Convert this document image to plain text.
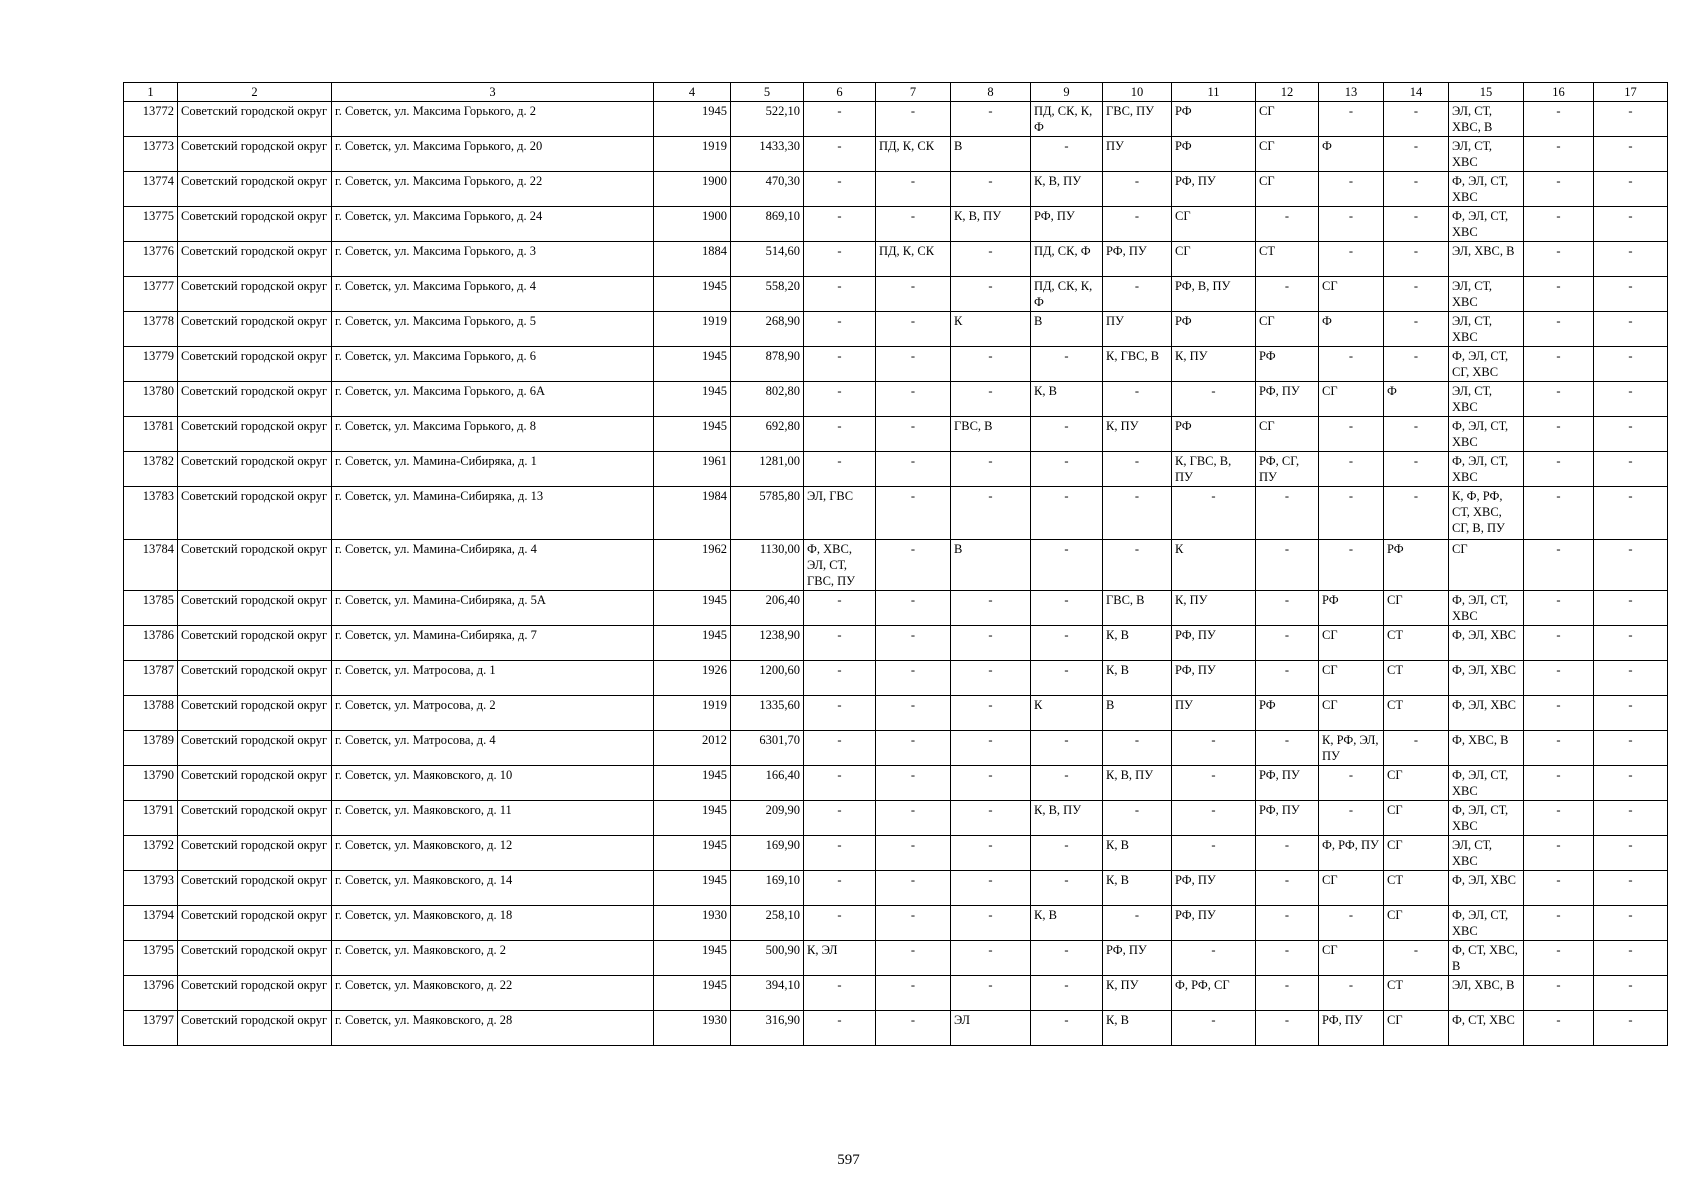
1	2	3	4	5	6	7	8	9	10	11	12	13	14	15	16	17
13772	Советский городской округ	г. Советск, ул. Максима Горького, д. 2	1945	522,10	-	-	-	ПД, СК, К, Ф	ГВС, ПУ	РФ	СГ	-	-	ЭЛ, СТ, ХВС, В	-	-
13773	Советский городской округ	г. Советск, ул. Максима Горького, д. 20	1919	1433,30	-	ПД, К, СК	В	-	ПУ	РФ	СГ	Ф	-	ЭЛ, СТ, ХВС	-	-
13774	Советский городской округ	г. Советск, ул. Максима Горького, д. 22	1900	470,30	-	-	-	К, В, ПУ	-	РФ, ПУ	СГ	-	-	Ф, ЭЛ, СТ, ХВС	-	-
13775	Советский городской округ	г. Советск, ул. Максима Горького, д. 24	1900	869,10	-	-	К, В, ПУ	РФ, ПУ	-	СГ	-	-	-	Ф, ЭЛ, СТ, ХВС	-	-
13776	Советский городской округ	г. Советск, ул. Максима Горького, д. 3	1884	514,60	-	ПД, К, СК	-	ПД, СК, Ф	РФ, ПУ	СГ	СТ	-	-	ЭЛ, ХВС, В	-	-
13777	Советский городской округ	г. Советск, ул. Максима Горького, д. 4	1945	558,20	-	-	-	ПД, СК, К, Ф	-	РФ, В, ПУ	-	СГ	-	ЭЛ, СТ, ХВС	-	-
13778	Советский городской округ	г. Советск, ул. Максима Горького, д. 5	1919	268,90	-	-	К	В	ПУ	РФ	СГ	Ф	-	ЭЛ, СТ, ХВС	-	-
13779	Советский городской округ	г. Советск, ул. Максима Горького, д. 6	1945	878,90	-	-	-	-	К, ГВС, В	К, ПУ	РФ	-	-	Ф, ЭЛ, СТ, СГ, ХВС	-	-
13780	Советский городской округ	г. Советск, ул. Максима Горького, д. 6А	1945	802,80	-	-	-	К, В	-	-	РФ, ПУ	СГ	Ф	ЭЛ, СТ, ХВС	-	-
13781	Советский городской округ	г. Советск, ул. Максима Горького, д. 8	1945	692,80	-	-	ГВС, В	-	К, ПУ	РФ	СГ	-	-	Ф, ЭЛ, СТ, ХВС	-	-
13782	Советский городской округ	г. Советск, ул. Мамина-Сибиряка, д. 1	1961	1281,00	-	-	-	-	-	К, ГВС, В, ПУ	РФ, СГ, ПУ	-	-	Ф, ЭЛ, СТ, ХВС	-	-
13783	Советский городской округ	г. Советск, ул. Мамина-Сибиряка, д. 13	1984	5785,80	ЭЛ, ГВС	-	-	-	-	-	-	-	-	К, Ф, РФ, СТ, ХВС, СГ, В, ПУ	-	-
13784	Советский городской округ	г. Советск, ул. Мамина-Сибиряка, д. 4	1962	1130,00	Ф, ХВС, ЭЛ, СТ, ГВС, ПУ	-	В	-	-	К	-	-	РФ	СГ	-	-
13785	Советский городской округ	г. Советск, ул. Мамина-Сибиряка, д. 5А	1945	206,40	-	-	-	-	ГВС, В	К, ПУ	-	РФ	СГ	Ф, ЭЛ, СТ, ХВС	-	-
13786	Советский городской округ	г. Советск, ул. Мамина-Сибиряка, д. 7	1945	1238,90	-	-	-	-	К, В	РФ, ПУ	-	СГ	СТ	Ф, ЭЛ, ХВС	-	-
13787	Советский городской округ	г. Советск, ул. Матросова, д. 1	1926	1200,60	-	-	-	-	К, В	РФ, ПУ	-	СГ	СТ	Ф, ЭЛ, ХВС	-	-
13788	Советский городской округ	г. Советск, ул. Матросова, д. 2	1919	1335,60	-	-	-	К	В	ПУ	РФ	СГ	СТ	Ф, ЭЛ, ХВС	-	-
13789	Советский городской округ	г. Советск, ул. Матросова, д. 4	2012	6301,70	-	-	-	-	-	-	-	К, РФ, ЭЛ, ПУ	-	Ф, ХВС, В	-	-
13790	Советский городской округ	г. Советск, ул. Маяковского, д. 10	1945	166,40	-	-	-	-	К, В, ПУ	-	РФ, ПУ	-	СГ	Ф, ЭЛ, СТ, ХВС	-	-
13791	Советский городской округ	г. Советск, ул. Маяковского, д. 11	1945	209,90	-	-	-	К, В, ПУ	-	-	РФ, ПУ	-	СГ	Ф, ЭЛ, СТ, ХВС	-	-
13792	Советский городской округ	г. Советск, ул. Маяковского, д. 12	1945	169,90	-	-	-	-	К, В	-	-	Ф, РФ, ПУ	СГ	ЭЛ, СТ, ХВС	-	-
13793	Советский городской округ	г. Советск, ул. Маяковского, д. 14	1945	169,10	-	-	-	-	К, В	РФ, ПУ	-	СГ	СТ	Ф, ЭЛ, ХВС	-	-
13794	Советский городской округ	г. Советск, ул. Маяковского, д. 18	1930	258,10	-	-	-	К, В	-	РФ, ПУ	-	-	СГ	Ф, ЭЛ, СТ, ХВС	-	-
13795	Советский городской округ	г. Советск, ул. Маяковского, д. 2	1945	500,90	К, ЭЛ	-	-	-	РФ, ПУ	-	-	СГ	-	Ф, СТ, ХВС, В	-	-
13796	Советский городской округ	г. Советск, ул. Маяковского, д. 22	1945	394,10	-	-	-	-	К, ПУ	Ф, РФ, СГ	-	-	СТ	ЭЛ, ХВС, В	-	-
13797	Советский городской округ	г. Советск, ул. Маяковского, д. 28	1930	316,90	-	-	ЭЛ	-	К, В	-	-	РФ, ПУ	СГ	Ф, СТ, ХВС	-	-
597
